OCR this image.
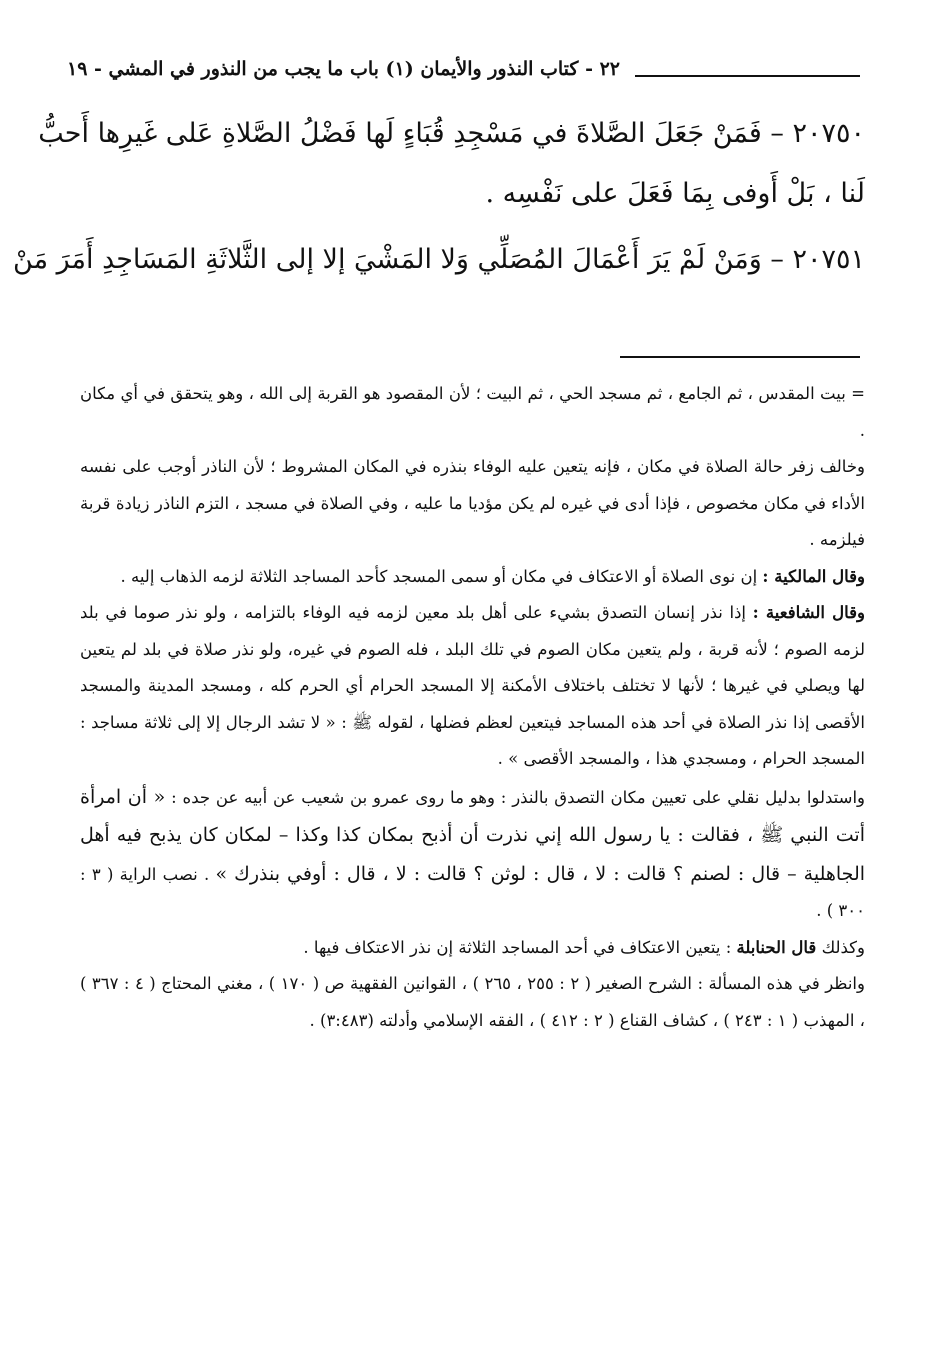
٢٢ - كتاب النذور والأيمان (١) باب ما يجب من النذور في المشي - ١٩

٢٠٧٥٠ – فَمَنْ جَعَلَ الصَّلاةَ في مَسْجِدِ قُبَاءٍ لَها فَضْلُ الصَّلاةِ عَلى غَيرِها أَحبُّ

لَنا ، بَلْ أَوفى بِمَا فَعَلَ على نَفْسِه .

٢٠٧٥١ – وَمَنْ لَمْ يَرَ أَعْمَالَ المُصَلِّي وَلا المَشْيَ إلا إلى الثَّلاثَةِ المَسَاجِدِ أَمَرَ مَنْ

= بيت المقدس ، ثم الجامع ، ثم مسجد الحي ، ثم البيت ؛ لأن المقصود هو القربة إلى الله ، وهو يتحقق في أي مكان .

وخالف زفر حالة الصلاة في مكان ، فإنه يتعين عليه الوفاء بنذره في المكان المشروط ؛ لأن الناذر أوجب على نفسه الأداء في مكان مخصوص ، فإذا أدى في غيره لم يكن مؤديا ما عليه ، وفي الصلاة في مسجد ، التزم الناذر زيادة قربة فيلزمه .

وقال المالكية : إن نوى الصلاة أو الاعتكاف في مكان أو سمى المسجد كأحد المساجد الثلاثة لزمه الذهاب إليه .

وقال الشافعية : إذا نذر إنسان التصدق بشيء على أهل بلد معين لزمه فيه الوفاء بالتزامه ، ولو نذر صوما في بلد لزمه الصوم ؛ لأنه قربة ، ولم يتعين مكان الصوم في تلك البلد ، فله الصوم في غيره، ولو نذر صلاة في بلد لم يتعين لها ويصلي في غيرها ؛ لأنها لا تختلف باختلاف الأمكنة إلا المسجد الحرام أي الحرم كله ، ومسجد المدينة والمسجد الأقصى إذا نذر الصلاة في أحد هذه المساجد فيتعين لعظم فضلها ، لقوله ﷺ : « لا تشد الرجال إلا إلى ثلاثة مساجد : المسجد الحرام ، ومسجدي هذا ، والمسجد الأقصى » .

واستدلوا بدليل نقلي على تعيين مكان التصدق بالنذر : وهو ما روى عمرو بن شعيب عن أبيه عن جده : « أن امرأة أتت النبي ﷺ ، فقالت : يا رسول الله إني نذرت أن أذبح بمكان كذا وكذا – لمكان كان يذبح فيه أهل الجاهلية – قال : لصنم ؟ قالت : لا ، قال : لوثن ؟ قالت : لا ، قال : أوفي بنذرك » . نصب الراية ( ٣ : ٣٠٠ ) .

وكذلك قال الحنابلة : يتعين الاعتكاف في أحد المساجد الثلاثة إن نذر الاعتكاف فيها .

وانظر في هذه المسألة : الشرح الصغير ( ٢ : ٢٥٥ ، ٢٦٥ ) ، القوانين الفقهية ص ( ١٧٠ ) ، مغني المحتاج ( ٤ : ٣٦٧ ) ، المهذب ( ١ : ٢٤٣ ) ، كشاف القناع ( ٢ : ٤١٢ ) ، الفقه الإسلامي وأدلته (٣:٤٨٣) .
